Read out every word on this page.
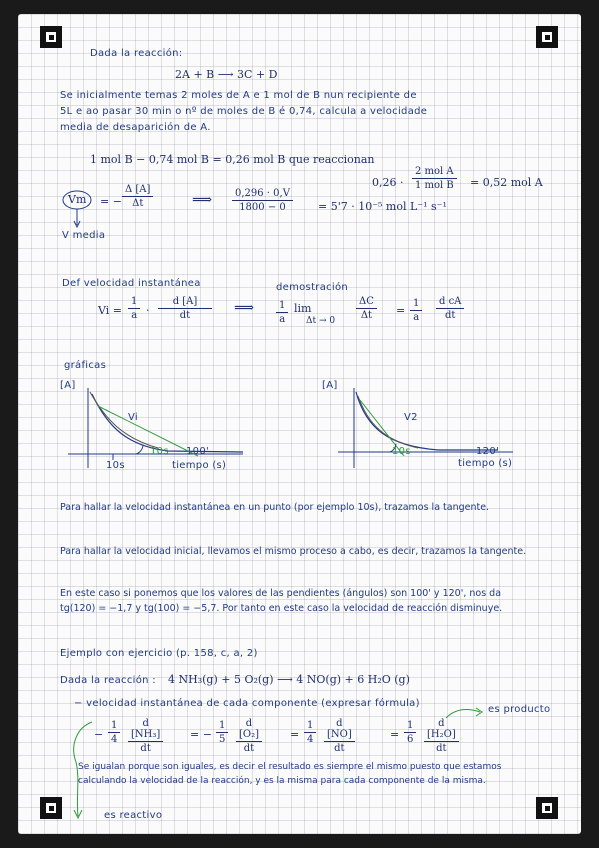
Dada la reacción:
2A + B ⟶ 3C + D
Se inicialmente temas 2 moles de A e 1 mol de B nun recipiente de
5L e ao pasar 30 min o nº de moles de B é 0,74, calcula a velocidade
media de desaparición de A.
1 mol B − 0,74 mol B = 0,26 mol B que reaccionan
0,26 ·
2 mol A
1 mol B = 0,52 mol A
Vm = − $\frac{\Delta [A]}{\Delta t}$	⟹ $\frac{0,296 \cdot 0,V}{1800 - 0} = 5'7 \cdot 10^{-5}$ mol L⁻¹ s⁻¹
V media
Def velocidad instantánea
$Vi = \frac{1}{a} \cdot \frac{d [A]}{dt}$ ⟹
demostración
$\frac{1}{a}$ lim
$\Delta t \to 0 \frac{\Delta C}{\Delta t} = \frac{1}{a} \frac{\text{d cA}}{dt}$
gráficas
[A]
Vi
10s 100'
10s	tiempo (s)
[A]
V2
10s	120'
tiempo (s)
Para hallar la velocidad instantánea en un punto (por ejemplo 10s), trazamos la tangente.
Para hallar la velocidad inicial, llevamos el mismo proceso a cabo, es decir, trazamos la tangente.
En este caso si ponemos que los valores de las pendientes (ángulos) son 100' y 120', nos da tg(120) = −1,7 y tg(100) = −5,7. Por tanto en este caso la velocidad de reacción disminuye.
Ejemplo con ejercicio (p. 158, c, a, 2)
Dada la reacción : 4 NH₃(g) + 5 O₂(g) ⟶ 4 NO(g) + 6 H₂O (g)
− velocidad instantánea de cada componente (expresar fórmula)
es producto
− $\frac{1}{4} \frac{\text{d [NH₃]}}{dt}$ = − $\frac{1}{5} \frac{\text{d [O₂]}}{dt}$	= $\frac{1}{4} \frac{d [NO]}{dt}$	= $\frac{1}{6} \frac{\text{d [H₂O]}}{dt}$
Se igualan porque son iguales, es decir el resultado es siempre el mismo puesto que estamos calculando la velocidad de la reacción, y es la misma para cada componente de la misma.
es reactivo
